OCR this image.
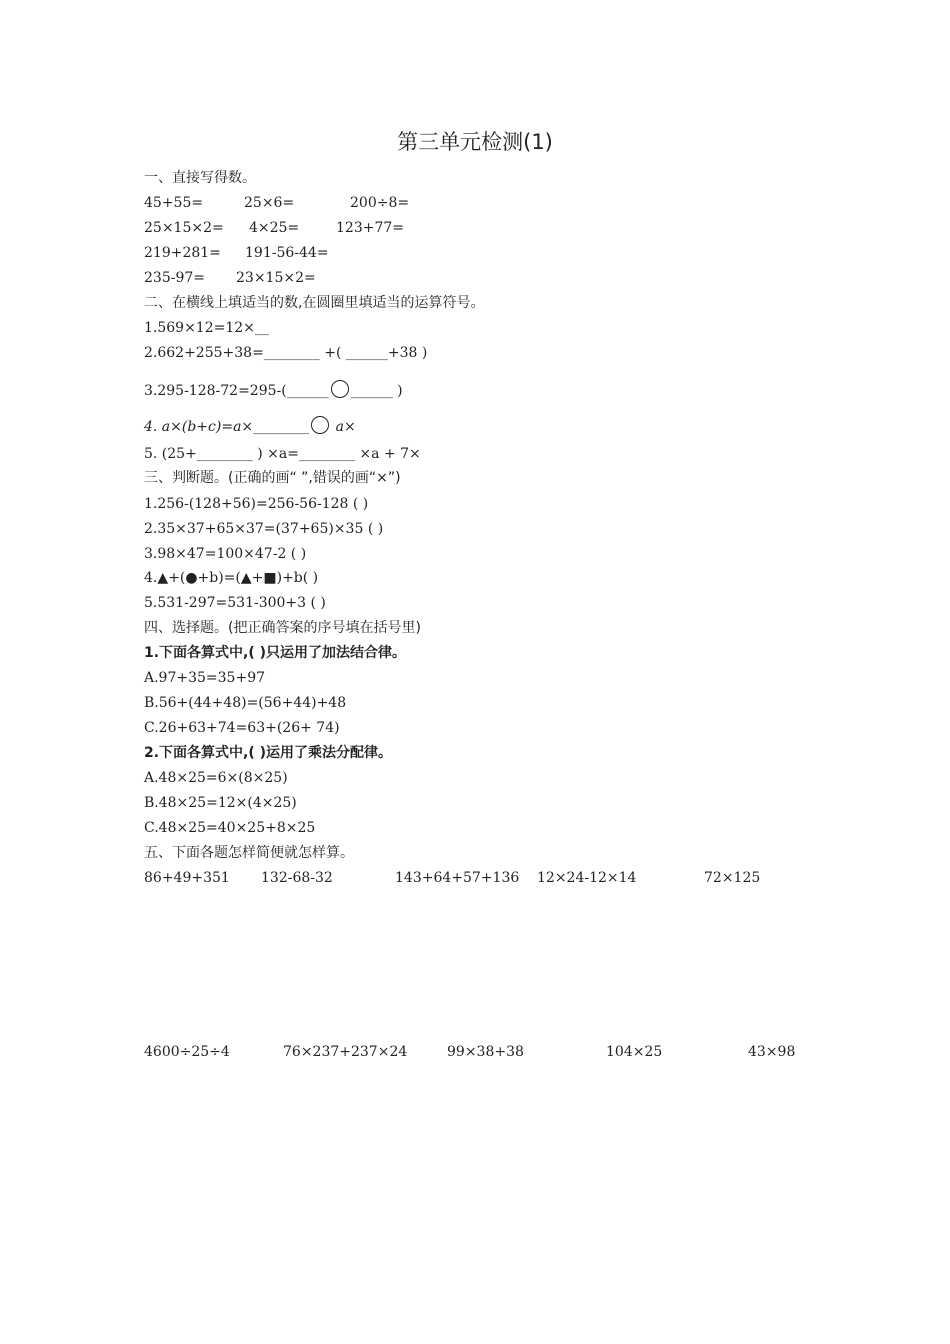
第三单元检测(1)
一、直接写得数。
45+55=	25×6=	200÷8=
25×15×2= 4×25=	123+77=
219+281= 191-56-44=
235-97= 23×15×2=
二、在横线上填适当的数,在圆圈里填适当的运算符号。
1.569×12=12×__
2.662+255+38=________ +( ______+38 )
3.295-128-72=295-(______ ______ )
4. a×(b+c)=a×________ a×
5. (25+________ ) ×a=________ ×a + 7×
三、判断题。(正确的画“ ”,错误的画“×”)
1.256-(128+56)=256-56-128 ( )
2.35×37+65×37=(37+65)×35 ( )
3.98×47=100×47-2 ( )
4.▲+(●+b)=(▲+■)+b( )
5.531-297=531-300+3 ( )
四、选择题。(把正确答案的序号填在括号里)
1.下面各算式中,( )只运用了加法结合律。
A.97+35=35+97
B.56+(44+48)=(56+44)+48
C.26+63+74=63+(26+ 74)
2.下面各算式中,( )运用了乘法分配律。
A.48×25=6×(8×25)
B.48×25=12×(4×25)
C.48×25=40×25+8×25
五、下面各题怎样简便就怎样算。
86+49+351 132-68-32	143+64+57+136 12×24-12×14	72×125
4600÷25÷4	76×237+237×24	99×38+38	104×25	43×98
